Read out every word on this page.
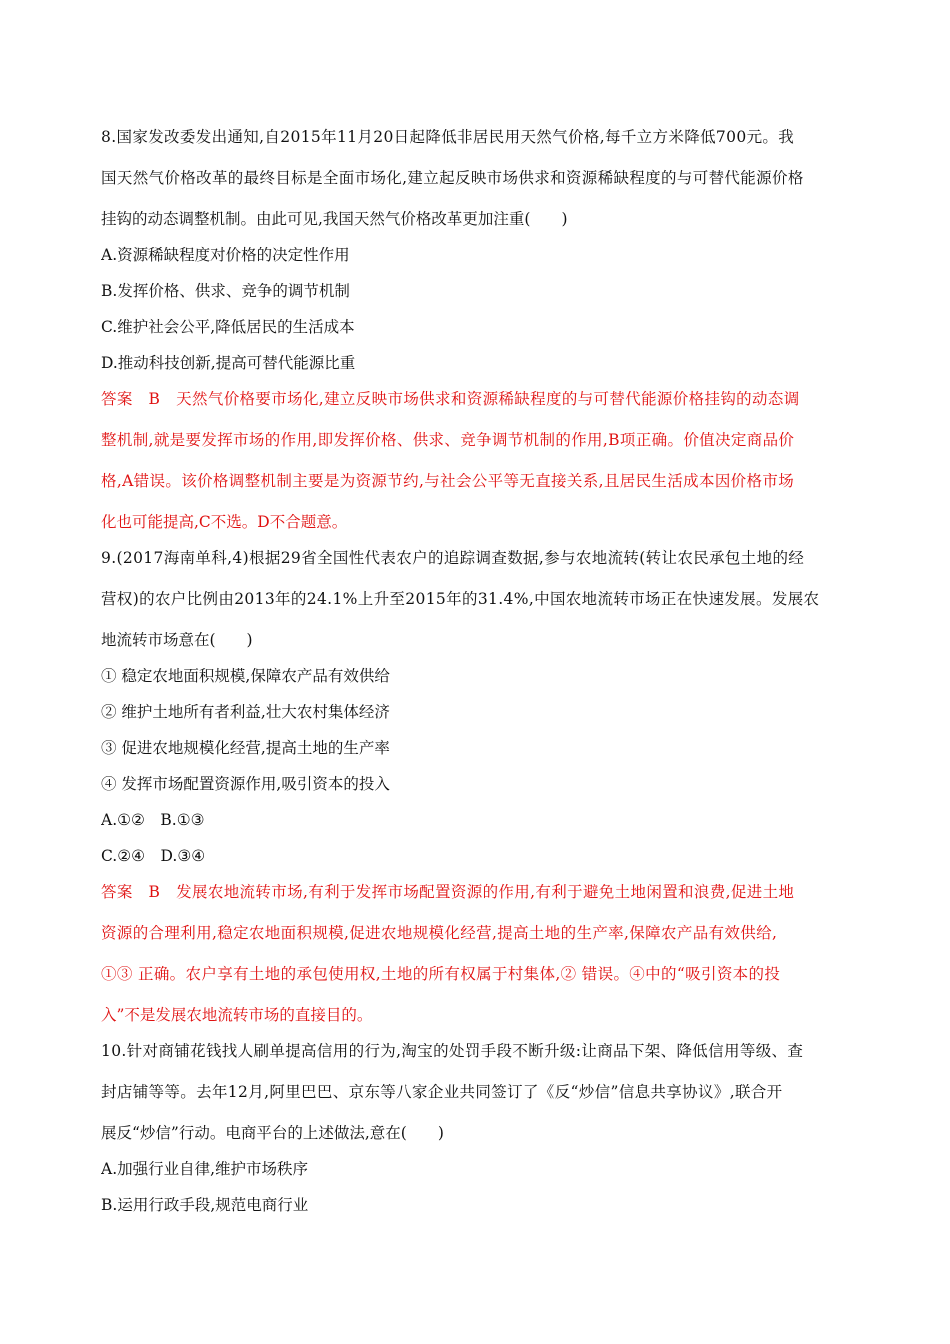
8.国家发改委发出通知,自2015年11月20日起降低非居民用天然气价格,每千立方米降低700元。我
国天然气价格改革的最终目标是全面市场化,建立起反映市场供求和资源稀缺程度的与可替代能源价格
挂钩的动态调整机制。由此可见,我国天然气价格改革更加注重(　　)
A.资源稀缺程度对价格的决定性作用
B.发挥价格、供求、竞争的调节机制
C.维护社会公平,降低居民的生活成本
D.推动科技创新,提高可替代能源比重
答案　B　天然气价格要市场化,建立反映市场供求和资源稀缺程度的与可替代能源价格挂钩的动态调
整机制,就是要发挥市场的作用,即发挥价格、供求、竞争调节机制的作用,B项正确。价值决定商品价
格,A错误。该价格调整机制主要是为资源节约,与社会公平等无直接关系,且居民生活成本因价格市场
化也可能提高,C不选。D不合题意。
9.(2017海南单科,4)根据29省全国性代表农户的追踪调查数据,参与农地流转(转让农民承包土地的经
营权)的农户比例由2013年的24.1%上升至2015年的31.4%,中国农地流转市场正在快速发展。发展农
地流转市场意在(　　)
① 稳定农地面积规模,保障农产品有效供给
② 维护土地所有者利益,壮大农村集体经济
③ 促进农地规模化经营,提高土地的生产率
④ 发挥市场配置资源作用,吸引资本的投入
A.①②　B.①③
C.②④　D.③④
答案　B　发展农地流转市场,有利于发挥市场配置资源的作用,有利于避免土地闲置和浪费,促进土地
资源的合理利用,稳定农地面积规模,促进农地规模化经营,提高土地的生产率,保障农产品有效供给,
①③ 正确。农户享有土地的承包使用权,土地的所有权属于村集体,② 错误。④中的“吸引资本的投
入”不是发展农地流转市场的直接目的。
10.针对商铺花钱找人刷单提高信用的行为,淘宝的处罚手段不断升级:让商品下架、降低信用等级、查
封店铺等等。去年12月,阿里巴巴、京东等八家企业共同签订了《反“炒信”信息共享协议》,联合开
展反“炒信”行动。电商平台的上述做法,意在(　　)
A.加强行业自律,维护市场秩序
B.运用行政手段,规范电商行业
